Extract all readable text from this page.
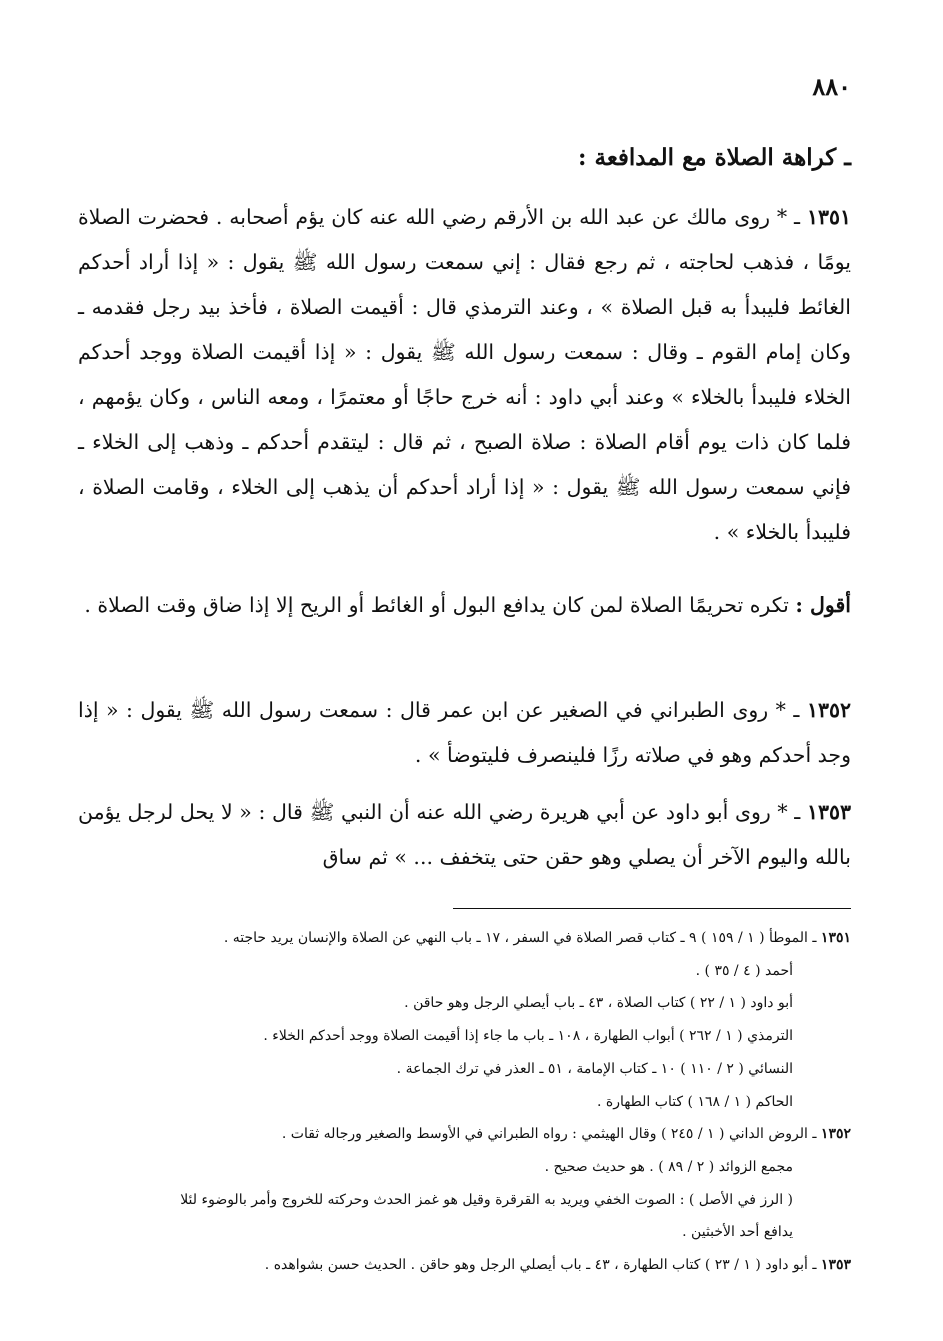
٨٨٠
ـ كراهة الصلاة مع المدافعة :

١٣٥١ ـ * روى مالك عن عبد الله بن الأرقم رضي الله عنه كان يؤم أصحابه . فحضرت الصلاة يومًا ، فذهب لحاجته ، ثم رجع فقال : إني سمعت رسول الله ﷺ يقول : « إذا أراد أحدكم الغائط فليبدأ به قبل الصلاة » ، وعند الترمذي قال : أقيمت الصلاة ، فأخذ بيد رجل فقدمه ـ وكان إمام القوم ـ وقال : سمعت رسول الله ﷺ يقول : « إذا أقيمت الصلاة ووجد أحدكم الخلاء فليبدأ بالخلاء » وعند أبي داود : أنه خرج حاجًا أو معتمرًا ، ومعه الناس ، وكان يؤمهم ، فلما كان ذات يوم أقام الصلاة : صلاة الصبح ، ثم قال : ليتقدم أحدكم ـ وذهب إلى الخلاء ـ فإني سمعت رسول الله ﷺ يقول : « إذا أراد أحدكم أن يذهب إلى الخلاء ، وقامت الصلاة ، فليبدأ بالخلاء » .

أقول : تكره تحريمًا الصلاة لمن كان يدافع البول أو الغائط أو الريح إلا إذا ضاق وقت الصلاة .

١٣٥٢ ـ * روى الطبراني في الصغير عن ابن عمر قال : سمعت رسول الله ﷺ يقول : « إذا وجد أحدكم وهو في صلاته رزًا فلينصرف فليتوضأ » .

١٣٥٣ ـ * روى أبو داود عن أبي هريرة رضي الله عنه أن النبي ﷺ قال : « لا يحل لرجل يؤمن بالله واليوم الآخر أن يصلي وهو حقن حتى يتخفف ... » ثم ساق

١٣٥١ ـ الموطأ ( ١ / ١٥٩ ) ٩ ـ كتاب قصر الصلاة في السفر ، ١٧ ـ باب النهي عن الصلاة والإنسان يريد حاجته .
أحمد ( ٤ / ٣٥ ) .
أبو داود ( ١ / ٢٢ ) كتاب الصلاة ، ٤٣ ـ باب أيصلي الرجل وهو حاقن .
الترمذي ( ١ / ٢٦٢ ) أبواب الطهارة ، ١٠٨ ـ باب ما جاء إذا أقيمت الصلاة ووجد أحدكم الخلاء .
النسائي ( ٢ / ١١٠ ) ١٠ ـ كتاب الإمامة ، ٥١ ـ العذر في ترك الجماعة .
الحاكم ( ١ / ١٦٨ ) كتاب الطهارة .
١٣٥٢ ـ الروض الداني ( ١ / ٢٤٥ ) وقال الهيثمي : رواه الطبراني في الأوسط والصغير ورجاله ثقات .
مجمع الزوائد ( ٢ / ٨٩ ) . هو حديث صحيح .
( الرز في الأصل ) : الصوت الخفي ويريد به القرقرة وقيل هو غمز الحدث وحركته للخروج وأمر بالوضوء لئلا
يدافع أحد الأخبثين .
١٣٥٣ ـ أبو داود ( ١ / ٢٣ ) كتاب الطهارة ، ٤٣ ـ باب أيصلي الرجل وهو حاقن . الحديث حسن بشواهده .
